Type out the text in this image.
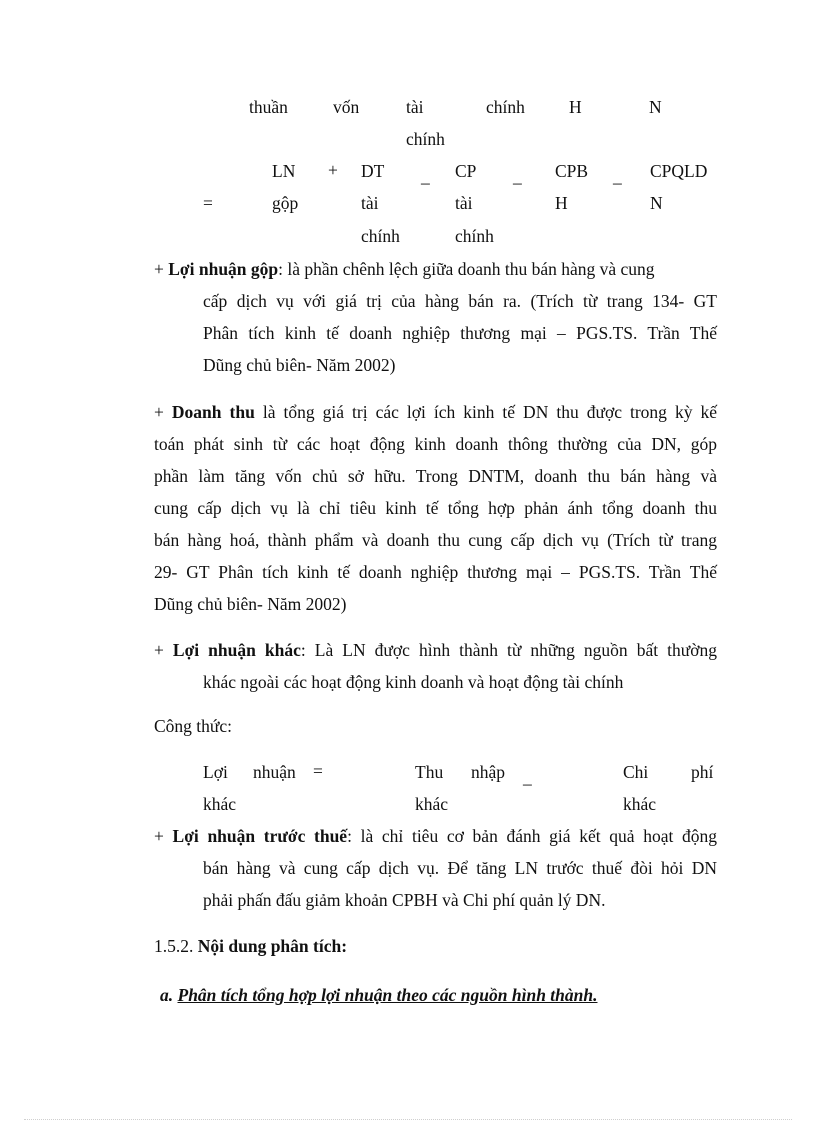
thuần	vốn	tài	chính	H	N
chính
LN + DT _ CP _ CPB _ CPQLD
=	gộp	tài	tài	H	N
chính	chính
+ Lợi nhuận gộp: là phần chênh lệch giữa doanh thu bán hàng và cung
cấp dịch vụ với giá trị của hàng bán ra. (Trích từ trang 134- GT
Phân tích kinh tế doanh nghiệp thương mại – PGS.TS. Trần Thế
Dũng chủ biên- Năm 2002)
+ Doanh thu là tổng giá trị các lợi ích kinh tế DN thu được trong kỳ kế
toán phát sinh từ các hoạt động kinh doanh thông thường của DN, góp
phần làm tăng vốn chủ sở hữu. Trong DNTM, doanh thu bán hàng và
cung cấp dịch vụ là chỉ tiêu kinh tế tổng hợp phản ánh tổng doanh thu
bán hàng hoá, thành phẩm và doanh thu cung cấp dịch vụ (Trích từ trang
29- GT Phân tích kinh tế doanh nghiệp thương mại – PGS.TS. Trần Thế
Dũng chủ biên- Năm 2002)
+ Lợi nhuận khác: Là LN được hình thành từ những nguồn bất thường
khác ngoài các hoạt động kinh doanh và hoạt động tài chính
Công thức:
Lợi nhuận =	Thu nhập _	Chi phí
khác	khác	khác
+ Lợi nhuận trước thuế: là chỉ tiêu cơ bản đánh giá kết quả hoạt động
bán hàng và cung cấp dịch vụ. Để tăng LN trước thuế đòi hỏi DN
phải phấn đấu giảm khoản CPBH và Chi phí quản lý DN.
1.5.2. Nội dung phân tích:
a. Phân tích tổng hợp lợi nhuận theo các nguồn hình thành.
